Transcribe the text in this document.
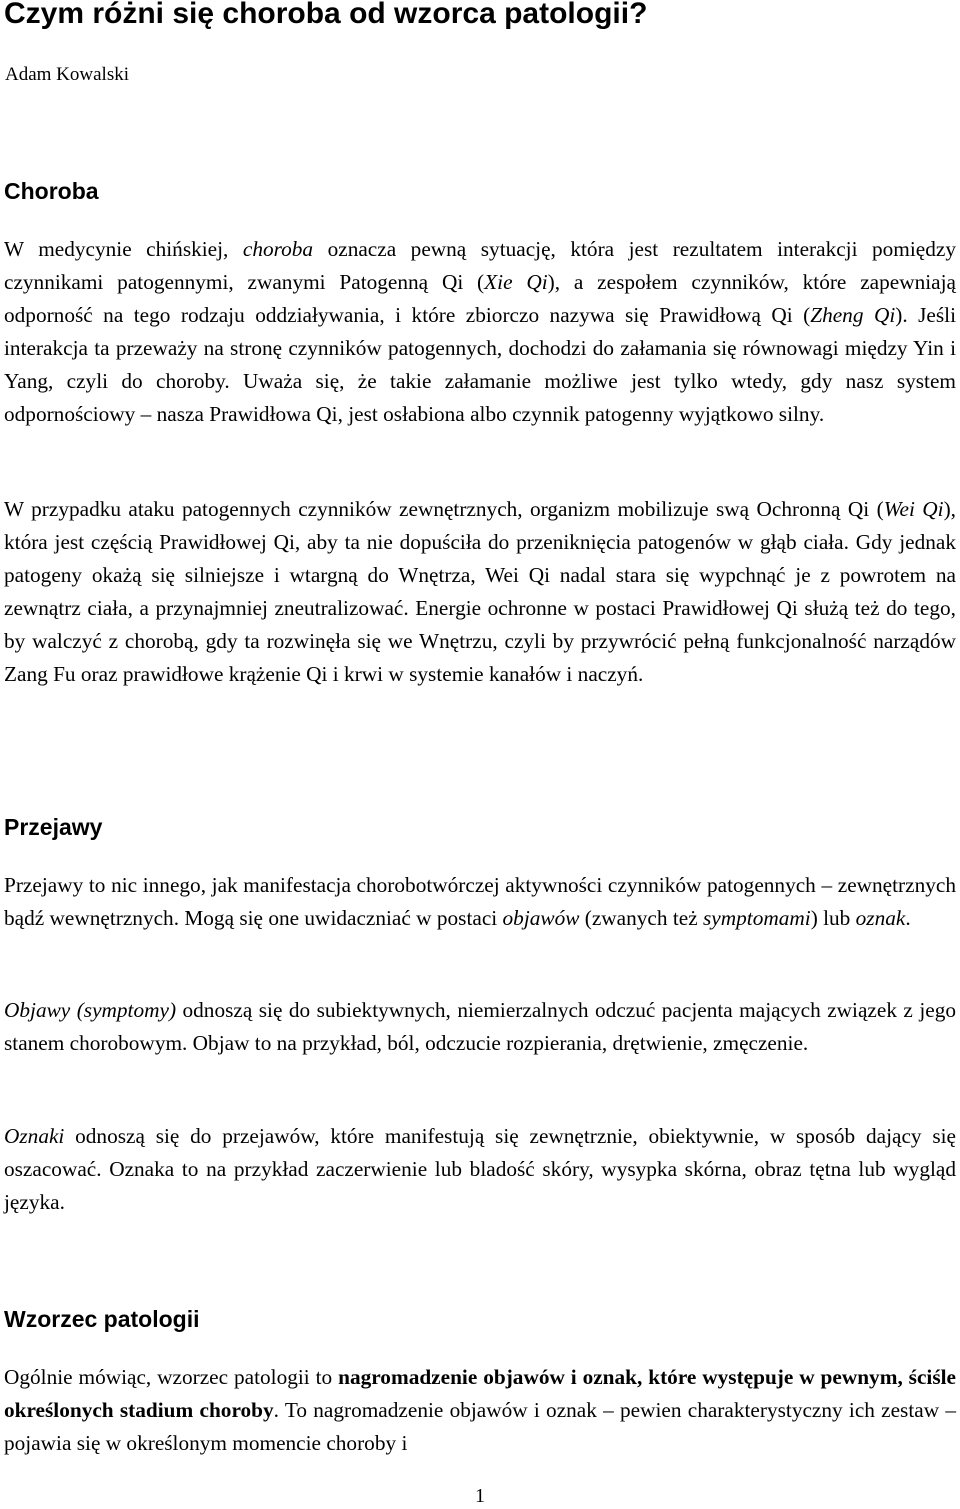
Czym różni się choroba od wzorca patologii?
Adam Kowalski
Choroba

W medycynie chińskiej, choroba oznacza pewną sytuację, która jest rezultatem interakcji pomiędzy czynnikami patogennymi, zwanymi Patogenną Qi (Xie Qi), a zespołem czynników, które zapewniają odporność na tego rodzaju oddziaływania, i które zbiorczo nazywa się Prawidłową Qi (Zheng Qi). Jeśli interakcja ta przeważy na stronę czynników patogennych, dochodzi do załamania się równowagi między Yin i Yang, czyli do choroby. Uważa się, że takie załamanie możliwe jest tylko wtedy, gdy nasz system odpornościowy – nasza Prawidłowa Qi, jest osłabiona albo czynnik patogenny wyjątkowo silny.

W przypadku ataku patogennych czynników zewnętrznych, organizm mobilizuje swą Ochronną Qi (Wei Qi), która jest częścią Prawidłowej Qi, aby ta nie dopuściła do przeniknięcia patogenów w głąb ciała. Gdy jednak patogeny okażą się silniejsze i wtargną do Wnętrza, Wei Qi nadal stara się wypchnąć je z powrotem na zewnątrz ciała, a przynajmniej zneutralizować. Energie ochronne w postaci Prawidłowej Qi służą też do tego, by walczyć z chorobą, gdy ta rozwinęła się we Wnętrzu, czyli by przywrócić pełną funkcjonalność narządów Zang Fu oraz prawidłowe krążenie Qi i krwi w systemie kanałów i naczyń.

Przejawy

Przejawy to nic innego, jak manifestacja chorobotwórczej aktywności czynników patogennych – zewnętrznych bądź wewnętrznych. Mogą się one uwidaczniać w postaci objawów (zwanych też symptomami) lub oznak.

Objawy (symptomy) odnoszą się do subiektywnych, niemierzalnych odczuć pacjenta mających związek z jego stanem chorobowym. Objaw to na przykład, ból, odczucie rozpierania, drętwienie, zmęczenie.

Oznaki odnoszą się do przejawów, które manifestują się zewnętrznie, obiektywnie, w sposób dający się oszacować. Oznaka to na przykład zaczerwienie lub bladość skóry, wysypka skórna, obraz tętna lub wygląd języka.

Wzorzec patologii

Ogólnie mówiąc, wzorzec patologii to nagromadzenie objawów i oznak, które występuje w pewnym, ściśle określonych stadium choroby. To nagromadzenie objawów i oznak – pewien charakterystyczny ich zestaw – pojawia się w określonym momencie choroby i

1
